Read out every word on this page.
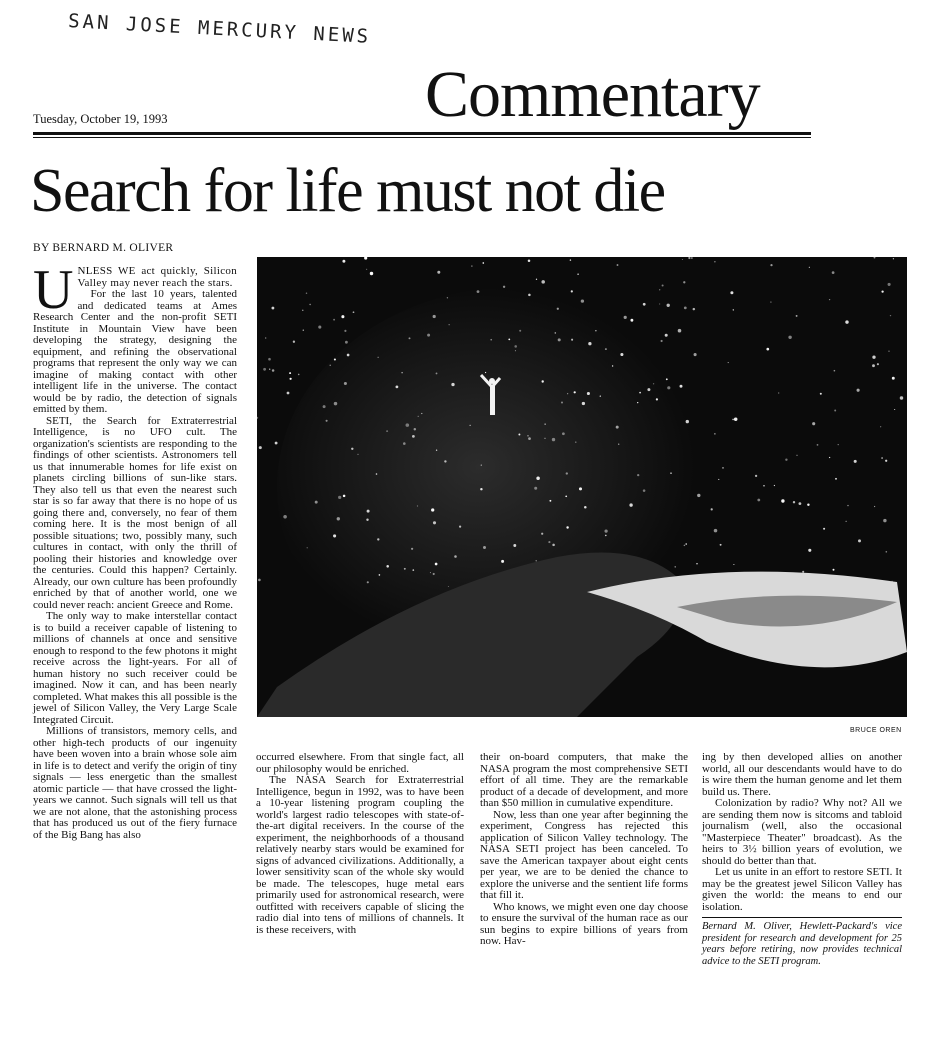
SAN JOSE MERCURY NEWS
Tuesday, October 19, 1993	Commentary
Search for life must not die
BY BERNARD M. OLIVER

U NLESS WE act quickly, Silicon Valley may never reach the stars.

For the last 10 years, talented and dedicated teams at Ames Research Center and the non-profit SETI Institute in Mountain View have been developing the strategy, designing the equipment, and refining the observational programs that represent the only way we can imagine of making contact with other intelligent life in the universe. The contact would be by radio, the detection of signals emitted by them.

SETI, the Search for Extraterrestrial Intelligence, is no UFO cult. The organization's scientists are responding to the findings of other scientists. Astronomers tell us that innumerable homes for life exist on planets circling billions of sun-like stars. They also tell us that even the nearest such star is so far away that there is no hope of us going there and, conversely, no fear of them coming here. It is the most benign of all possible situations; two, possibly many, such cultures in contact, with only the thrill of pooling their histories and knowledge over the centuries. Could this happen? Certainly. Already, our own culture has been profoundly enriched by that of another world, one we could never reach: ancient Greece and Rome.

The only way to make interstellar contact is to build a receiver capable of listening to millions of channels at once and sensitive enough to respond to the few photons it might receive across the light-years. For all of human history no such receiver could be imagined. Now it can, and has been nearly completed. What makes this all possible is the jewel of Silicon Valley, the Very Large Scale Integrated Circuit.

Millions of transistors, memory cells, and other high-tech products of our ingenuity have been woven into a brain whose sole aim in life is to detect and verify the origin of tiny signals — less energetic than the smallest atomic particle — that have crossed the light-years we cannot. Such signals will tell us that we are not alone, that the astonishing process that has produced us out of the fiery furnace of the Big Bang has also

BRUCE OREN

occurred elsewhere. From that single fact, all our philosophy would be enriched.

The NASA Search for Extraterrestrial Intelligence, begun in 1992, was to have been a 10-year listening program coupling the world's largest radio telescopes with state-of-the-art digital receivers. In the course of the experiment, the neighborhoods of a thousand relatively nearby stars would be examined for signs of advanced civilizations. Additionally, a lower sensitivity scan of the whole sky would be made. The telescopes, huge metal ears primarily used for astronomical research, were outfitted with receivers capable of slicing the radio dial into tens of millions of channels. It is these receivers, with

their on-board computers, that make the NASA program the most comprehensive SETI effort of all time. They are the remarkable product of a decade of development, and more than $50 million in cumulative expenditure.

Now, less than one year after beginning the experiment, Congress has rejected this application of Silicon Valley technology. The NASA SETI project has been canceled. To save the American taxpayer about eight cents per year, we are to be denied the chance to explore the universe and the sentient life forms that fill it.

Who knows, we might even one day choose to ensure the survival of the human race as our sun begins to expire billions of years from now. Hav-

ing by then developed allies on another world, all our descendants would have to do is wire them the human genome and let them build us. There.

Colonization by radio? Why not? All we are sending them now is sitcoms and tabloid journalism (well, also the occasional "Masterpiece Theater" broadcast). As the heirs to 3½ billion years of evolution, we should do better than that.

Let us unite in an effort to restore SETI. It may be the greatest jewel Silicon Valley has given the world: the means to end our isolation.

Bernard M. Oliver, Hewlett-Packard's vice president for research and development for 25 years before retiring, now provides technical advice to the SETI program.
